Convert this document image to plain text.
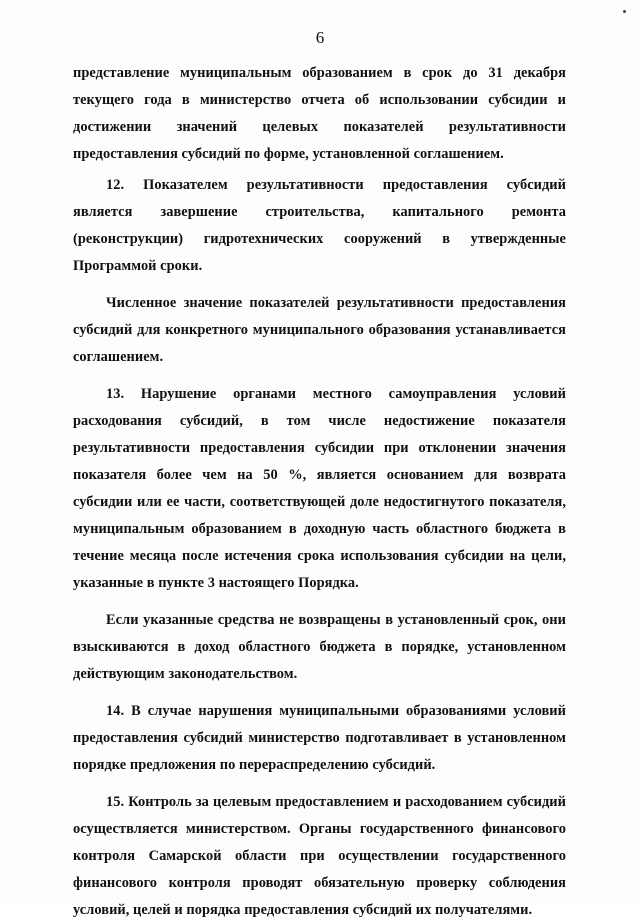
6

представление муниципальным образованием в срок до 31 декабря текущего года в министерство отчета об использовании субсидии и достижении значений целевых показателей результативности предоставления субсидий по форме, установленной соглашением.

12. Показателем результативности предоставления субсидий является завершение строительства, капитального ремонта (реконструкции) гидротехнических сооружений в утвержденные Программой сроки.

Численное значение показателей результативности предоставления субсидий для конкретного муниципального образования устанавливается соглашением.

13. Нарушение органами местного самоуправления условий расходования субсидий, в том числе недостижение показателя результативности предоставления субсидии при отклонении значения показателя более чем на 50 %, является основанием для возврата субсидии или ее части, соответствующей доле недостигнутого показателя, муниципальным образованием в доходную часть областного бюджета в течение месяца после истечения срока использования субсидии на цели, указанные в пункте 3 настоящего Порядка.

Если указанные средства не возвращены в установленный срок, они взыскиваются в доход областного бюджета в порядке, установленном действующим законодательством.

14. В случае нарушения муниципальными образованиями условий предоставления субсидий министерство подготавливает в установленном порядке предложения по перераспределению субсидий.

15. Контроль за целевым предоставлением и расходованием субсидий осуществляется министерством. Органы государственного финансового контроля Самарской области при осуществлении государственного финансового контроля проводят обязательную проверку соблюдения условий, целей и порядка предоставления субсидий их получателями.
